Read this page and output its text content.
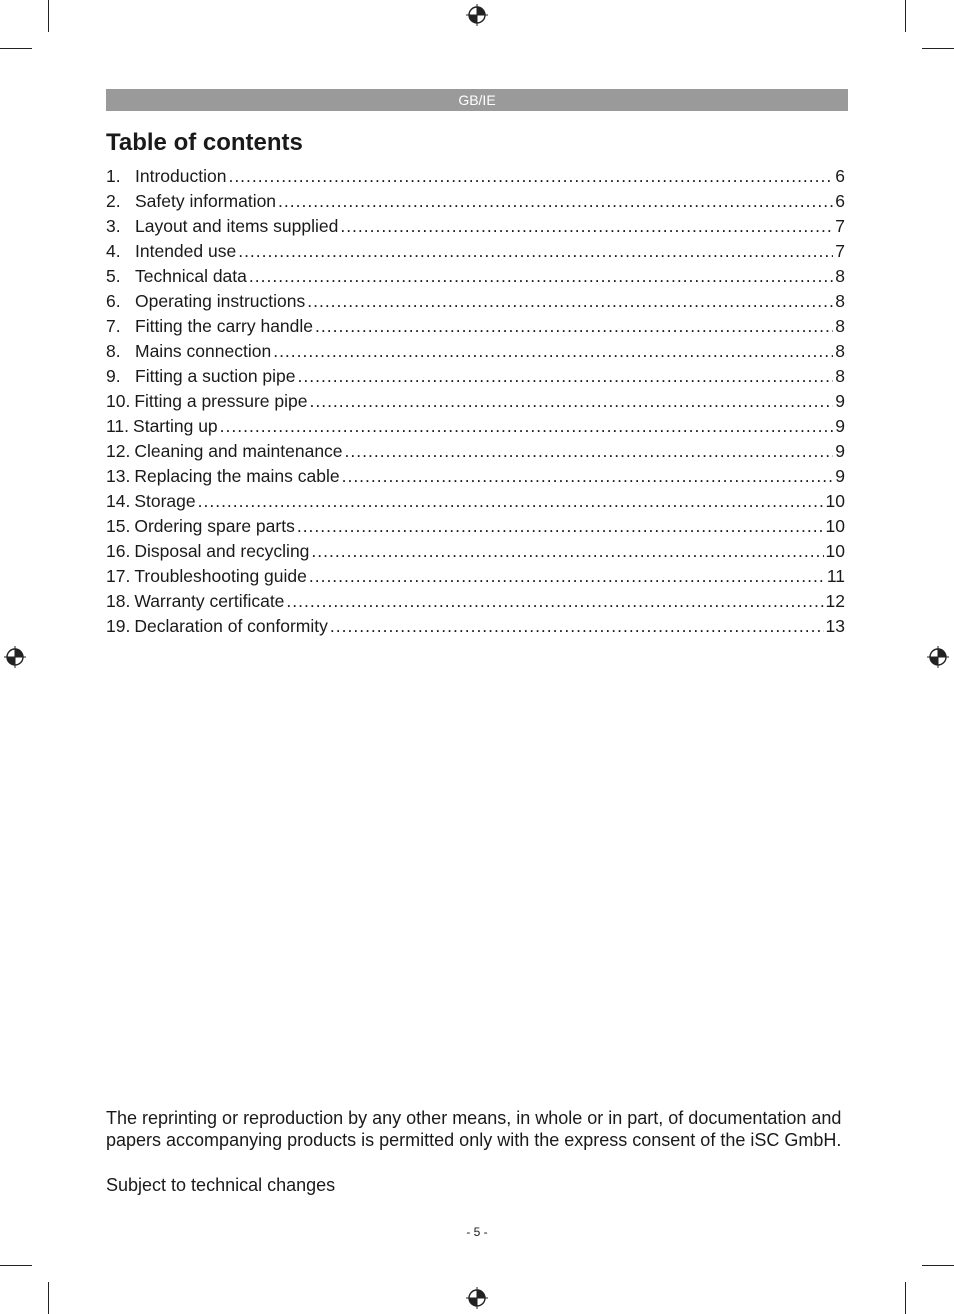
GB/IE
Table of contents
1. Introduction .....	6
2. Safety information .....	6
3. Layout and items supplied .....	7
4. Intended use .....	7
5. Technical data .....	8
6. Operating instructions .....	8
7. Fitting the carry handle .....	8
8. Mains connection .....	8
9. Fitting a suction pipe .....	8
10. Fitting a pressure pipe .....	9
11. Starting up .....	9
12. Cleaning and maintenance .....	9
13. Replacing the mains cable .....	9
14. Storage .....	10
15. Ordering spare parts .....	10
16. Disposal and recycling .....	10
17. Troubleshooting guide .....	11
18. Warranty certificate .....	12
19. Declaration of conformity .....	13

The reprinting or reproduction by any other means, in whole or in part, of documentation and papers accompanying products is permitted only with the express consent of the iSC GmbH.

Subject to technical changes

- 5 -
